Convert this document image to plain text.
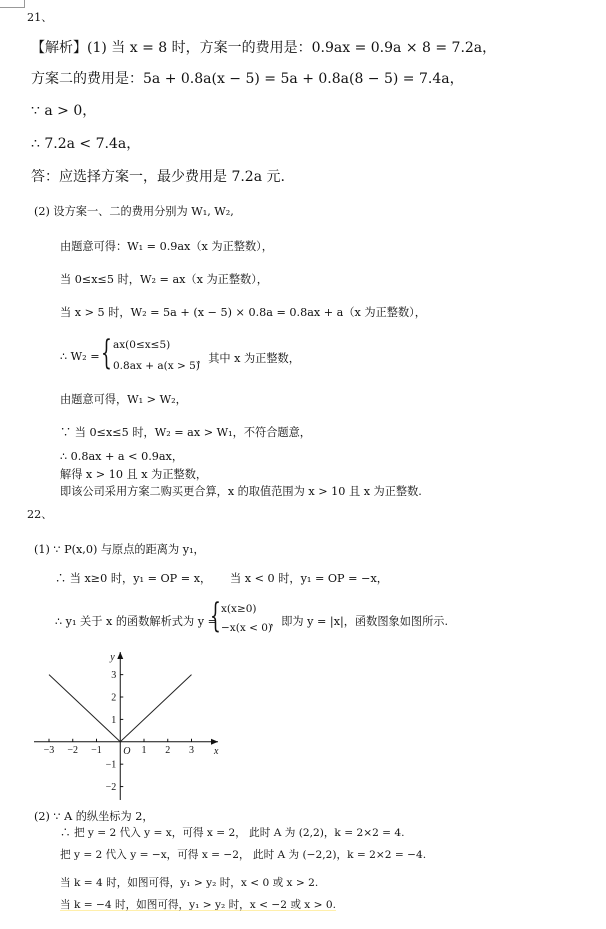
21、
【解析】(1) 当 x = 8 时，方案一的费用是：0.9ax = 0.9a × 8 = 7.2a，
方案二的费用是：5a + 0.8a(x − 5) = 5a + 0.8a(8 − 5) = 7.4a，
∵ a > 0，
∴ 7.2a < 7.4a，
答：应选择方案一，最少费用是 7.2a 元.
(2) 设方案一、二的费用分别为 W₁, W₂,
由题意可得：W₁ = 0.9ax（x 为正整数），
当 0≤x≤5 时，W₂ = ax（x 为正整数），
当 x > 5 时，W₂ = 5a + (x − 5) × 0.8a = 0.8ax + a（x 为正整数），
∴ W₂ = { ax(0≤x≤5)
0.8ax + a(x > 5)
，其中 x 为正整数，
由题意可得，W₁ > W₂，
∵ 当 0≤x≤5 时，W₂ = ax > W₁，不符合题意，
∴ 0.8ax + a < 0.9ax，
解得 x > 10 且 x 为正整数，
即该公司采用方案二购买更合算，x 的取值范围为 x > 10 且 x 为正整数.
22、
(1) ∵ P(x,0) 与原点的距离为 y₁，
∴ 当 x≥0 时，y₁ = OP = x， 当 x < 0 时，y₁ = OP = −x，
∴ y₁ 关于 x 的函数解析式为 y =
{ x(x≥0)
−x(x < 0)
，即为 y = |x|，函数图象如图所示.
−3 −2 −1	1 2 3
3
2
1
−1
−2
x
y
O
(2) ∵ A 的纵坐标为 2，
∴ 把 y = 2 代入 y = x，可得 x = 2， 此时 A 为 (2,2)，k = 2×2 = 4.
把 y = 2 代入 y = −x，可得 x = −2， 此时 A 为 (−2,2)，k = 2×2 = −4.
当 k = 4 时，如图可得，y₁ > y₂ 时，x < 0 或 x > 2.
当 k = −4 时，如图可得，y₁ > y₂ 时，x < −2 或 x > 0.
